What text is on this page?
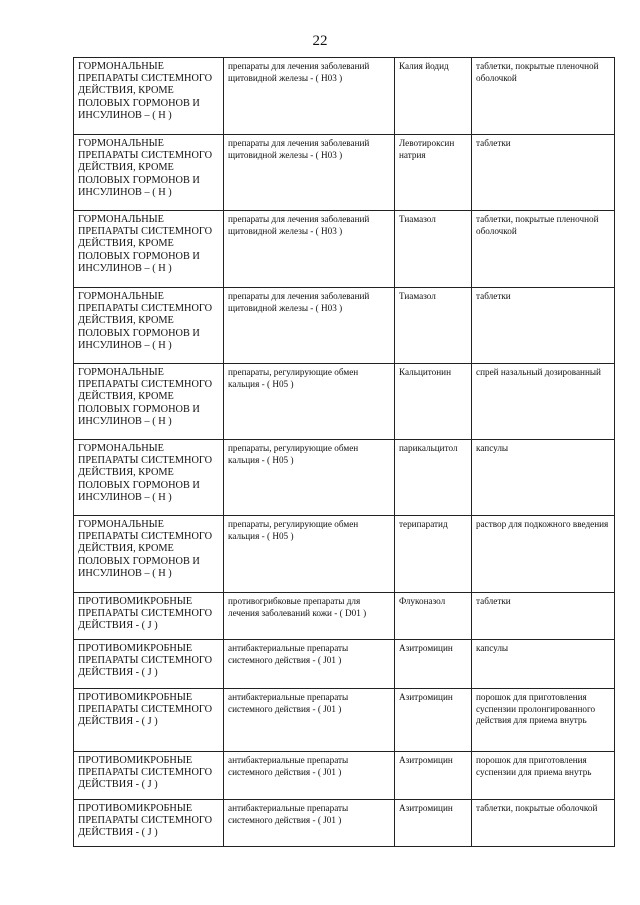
22
ГОРМОНАЛЬНЫЕ ПРЕПАРАТЫ СИСТЕМНОГО ДЕЙСТВИЯ, КРОМЕ ПОЛОВЫХ ГОРМОНОВ И ИНСУЛИНОВ – ( H )	препараты для лечения заболеваний щитовидной железы - ( H03 )	Калия йодид	таблетки, покрытые пленочной оболочкой
ГОРМОНАЛЬНЫЕ ПРЕПАРАТЫ СИСТЕМНОГО ДЕЙСТВИЯ, КРОМЕ ПОЛОВЫХ ГОРМОНОВ И ИНСУЛИНОВ – ( H )	препараты для лечения заболеваний щитовидной железы - ( H03 )	Левотироксин натрия	таблетки
ГОРМОНАЛЬНЫЕ ПРЕПАРАТЫ СИСТЕМНОГО ДЕЙСТВИЯ, КРОМЕ ПОЛОВЫХ ГОРМОНОВ И ИНСУЛИНОВ – ( H )	препараты для лечения заболеваний щитовидной железы - ( H03 )	Тиамазол	таблетки, покрытые пленочной оболочкой
ГОРМОНАЛЬНЫЕ ПРЕПАРАТЫ СИСТЕМНОГО ДЕЙСТВИЯ, КРОМЕ ПОЛОВЫХ ГОРМОНОВ И ИНСУЛИНОВ – ( H )	препараты для лечения заболеваний щитовидной железы - ( H03 )	Тиамазол	таблетки
ГОРМОНАЛЬНЫЕ ПРЕПАРАТЫ СИСТЕМНОГО ДЕЙСТВИЯ, КРОМЕ ПОЛОВЫХ ГОРМОНОВ И ИНСУЛИНОВ – ( H )	препараты, регулирующие обмен кальция - ( H05 )	Кальцитонин	спрей назальный дозированный
ГОРМОНАЛЬНЫЕ ПРЕПАРАТЫ СИСТЕМНОГО ДЕЙСТВИЯ, КРОМЕ ПОЛОВЫХ ГОРМОНОВ И ИНСУЛИНОВ – ( H )	препараты, регулирующие обмен кальция - ( H05 )	парикальцитол	капсулы
ГОРМОНАЛЬНЫЕ ПРЕПАРАТЫ СИСТЕМНОГО ДЕЙСТВИЯ, КРОМЕ ПОЛОВЫХ ГОРМОНОВ И ИНСУЛИНОВ – ( H )	препараты, регулирующие обмен кальция - ( H05 )	терипаратид	раствор для подкожного введения
ПРОТИВОМИКРОБНЫЕ ПРЕПАРАТЫ СИСТЕМНОГО ДЕЙСТВИЯ - ( J )	противогрибковые препараты для лечения заболеваний кожи - ( D01 )	Флуконазол	таблетки
ПРОТИВОМИКРОБНЫЕ ПРЕПАРАТЫ СИСТЕМНОГО ДЕЙСТВИЯ - ( J )	антибактериальные препараты системного действия - ( J01 )	Азитромицин	капсулы
ПРОТИВОМИКРОБНЫЕ ПРЕПАРАТЫ СИСТЕМНОГО ДЕЙСТВИЯ - ( J )	антибактериальные препараты системного действия - ( J01 )	Азитромицин	порошок для приготовления суспензии пролонгированного действия для приема внутрь
ПРОТИВОМИКРОБНЫЕ ПРЕПАРАТЫ СИСТЕМНОГО ДЕЙСТВИЯ - ( J )	антибактериальные препараты системного действия - ( J01 )	Азитромицин	порошок для приготовления суспензии для приема внутрь
ПРОТИВОМИКРОБНЫЕ ПРЕПАРАТЫ СИСТЕМНОГО ДЕЙСТВИЯ - ( J )	антибактериальные препараты системного действия - ( J01 )	Азитромицин	таблетки, покрытые оболочкой
